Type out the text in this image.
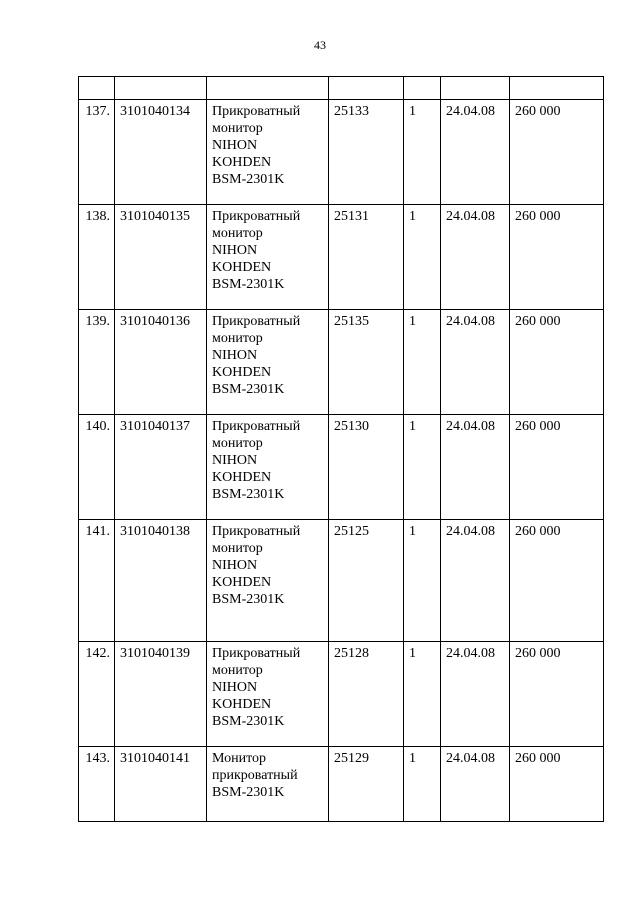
43

137.	3101040134	Прикроватный
монитор
NIHON
KOHDEN
BSM-2301K	25133	1	24.04.08	260 000
138.	3101040135	Прикроватный
монитор
NIHON
KOHDEN
BSM-2301K	25131	1	24.04.08	260 000
139.	3101040136	Прикроватный
монитор
NIHON
KOHDEN
BSM-2301K	25135	1	24.04.08	260 000
140.	3101040137	Прикроватный
монитор
NIHON
KOHDEN
BSM-2301K	25130	1	24.04.08	260 000
141.	3101040138	Прикроватный
монитор
NIHON
KOHDEN
BSM-2301K	25125	1	24.04.08	260 000
142.	3101040139	Прикроватный
монитор
NIHON
KOHDEN
BSM-2301K	25128	1	24.04.08	260 000
143.	3101040141	Монитор
прикроватный
BSM-2301K	25129	1	24.04.08	260 000
